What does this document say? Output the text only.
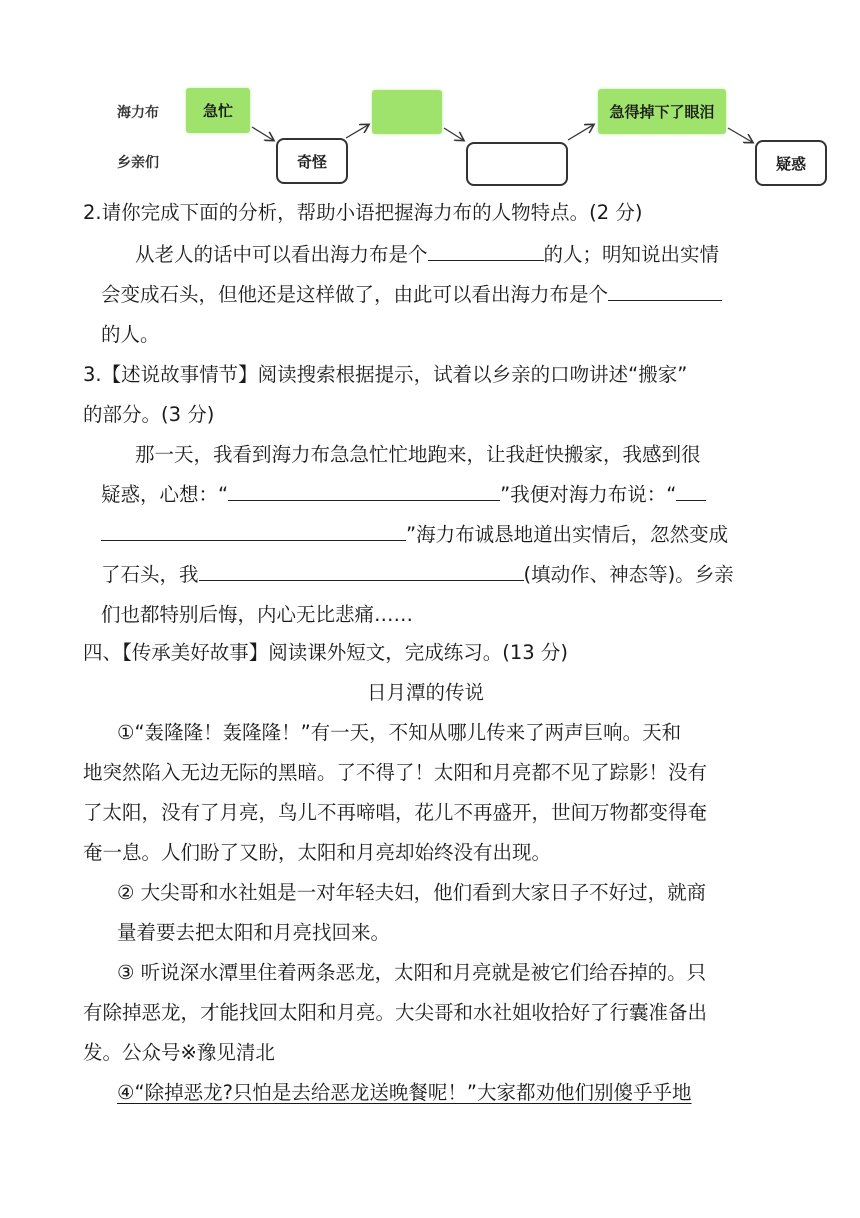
海力布
乡亲们
急忙
奇怪
急得掉下了眼泪
疑惑
2.请你完成下面的分析，帮助小语把握海力布的人物特点。(2 分)
从老人的话中可以看出海力布是个	的人；明知说出实情
会变成石头，但他还是这样做了，由此可以看出海力布是个
的人。
3.【述说故事情节】阅读搜索根据提示，试着以乡亲的口吻讲述“搬家”
的部分。(3 分)
那一天，我看到海力布急急忙忙地跑来，让我赶快搬家，我感到很
疑惑，心想：“	”我便对海力布说：“
”海力布诚恳地道出实情后，忽然变成
了石头，我	(填动作、神态等)。乡亲
们也都特别后悔，内心无比悲痛……
四、【传承美好故事】阅读课外短文，完成练习。(13 分)
日月潭的传说
①“轰隆隆！轰隆隆！”有一天，不知从哪儿传来了两声巨响。天和
地突然陷入无边无际的黑暗。了不得了！太阳和月亮都不见了踪影！没有
了太阳，没有了月亮，鸟儿不再啼唱，花儿不再盛开，世间万物都变得奄
奄一息。人们盼了又盼，太阳和月亮却始终没有出现。
② 大尖哥和水社姐是一对年轻夫妇，他们看到大家日子不好过，就商
量着要去把太阳和月亮找回来。
③ 听说深水潭里住着两条恶龙，太阳和月亮就是被它们给吞掉的。只
有除掉恶龙，才能找回太阳和月亮。大尖哥和水社姐收拾好了行囊准备出
发。公众号※豫见清北
④“除掉恶龙?只怕是去给恶龙送晚餐呢！”大家都劝他们别傻乎乎地
